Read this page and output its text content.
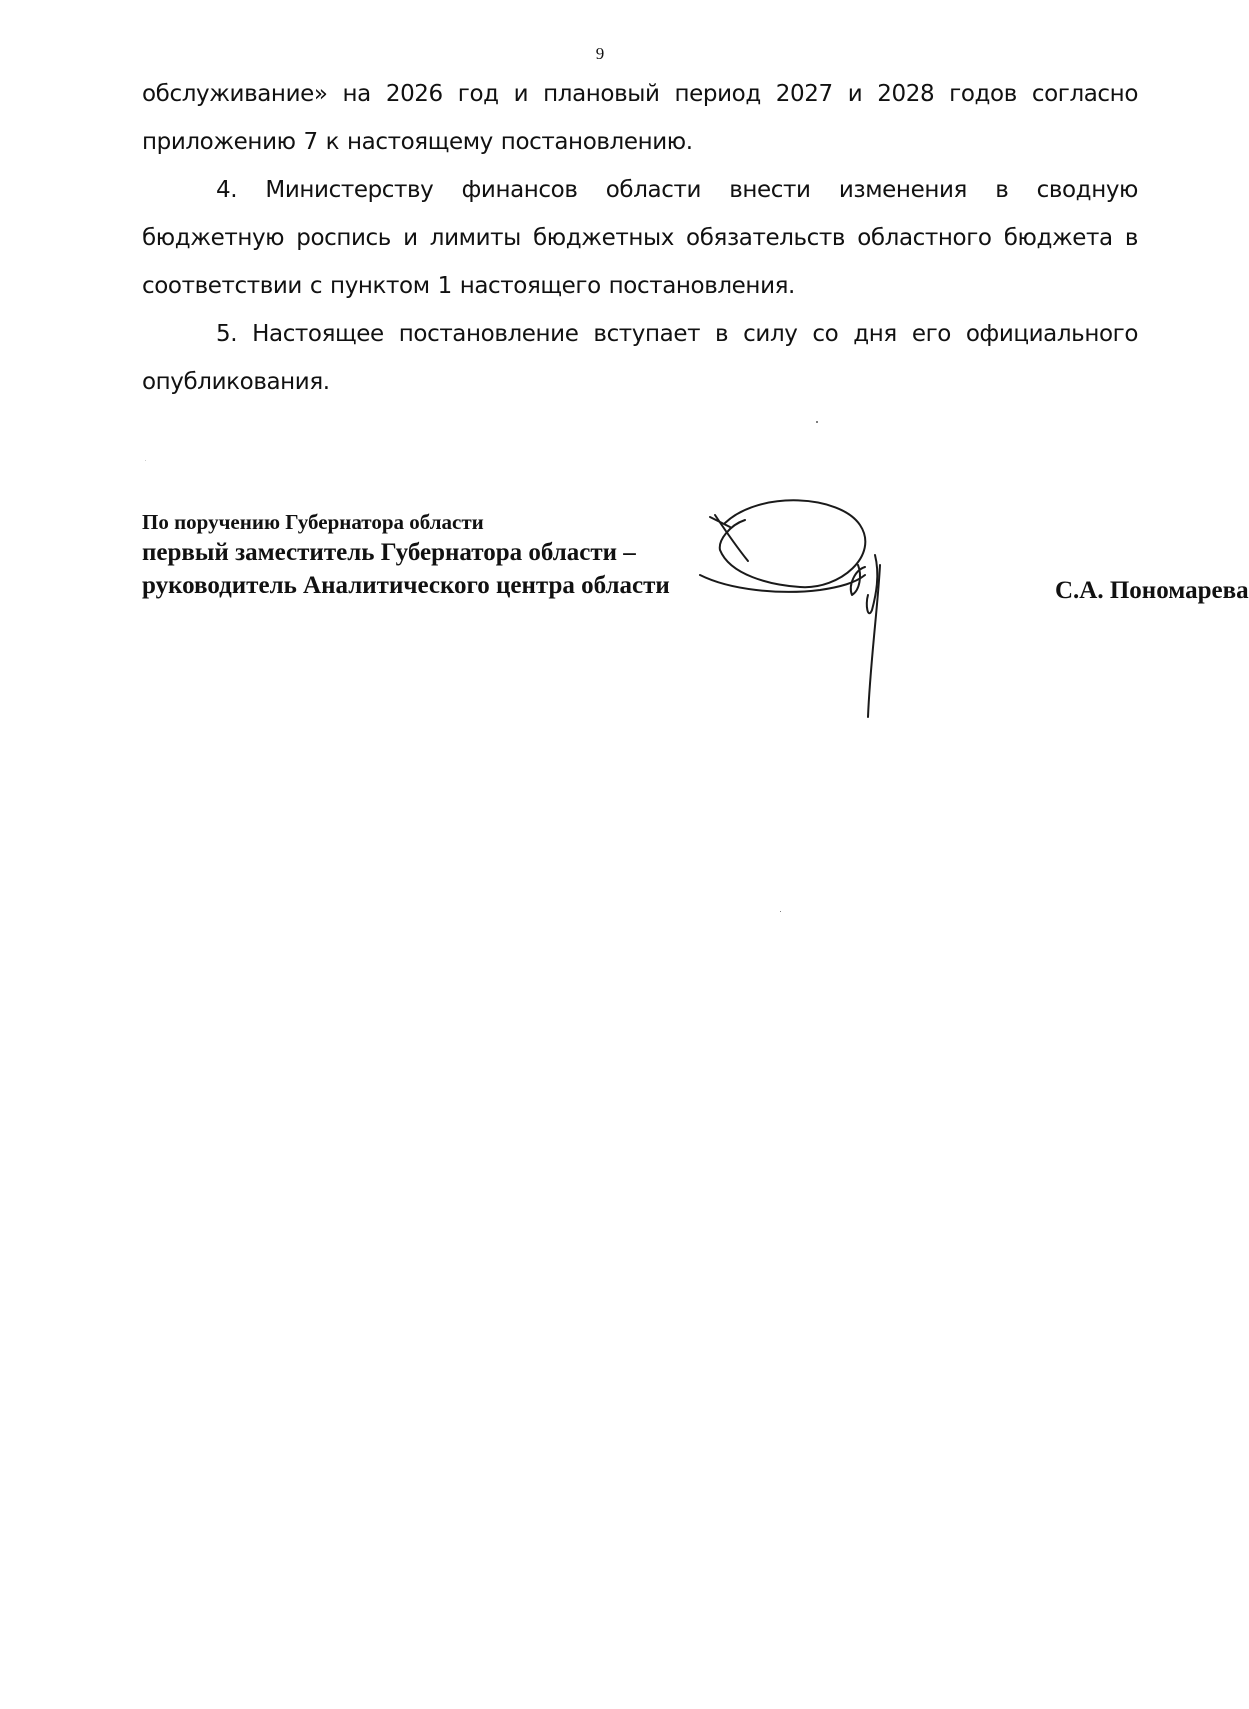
9

обслуживание» на 2026 год и плановый период 2027 и 2028 годов согласно приложению 7 к настоящему постановлению.

4. Министерству финансов области внести изменения в сводную бюджетную роспись и лимиты бюджетных обязательств областного бюджета в соответствии с пунктом 1 настоящего постановления.

5. Настоящее постановление вступает в силу со дня его официального опубликования.

По поручению Губернатора области
первый заместитель Губернатора области –
руководитель Аналитического центра области	С.А. Пономарева
